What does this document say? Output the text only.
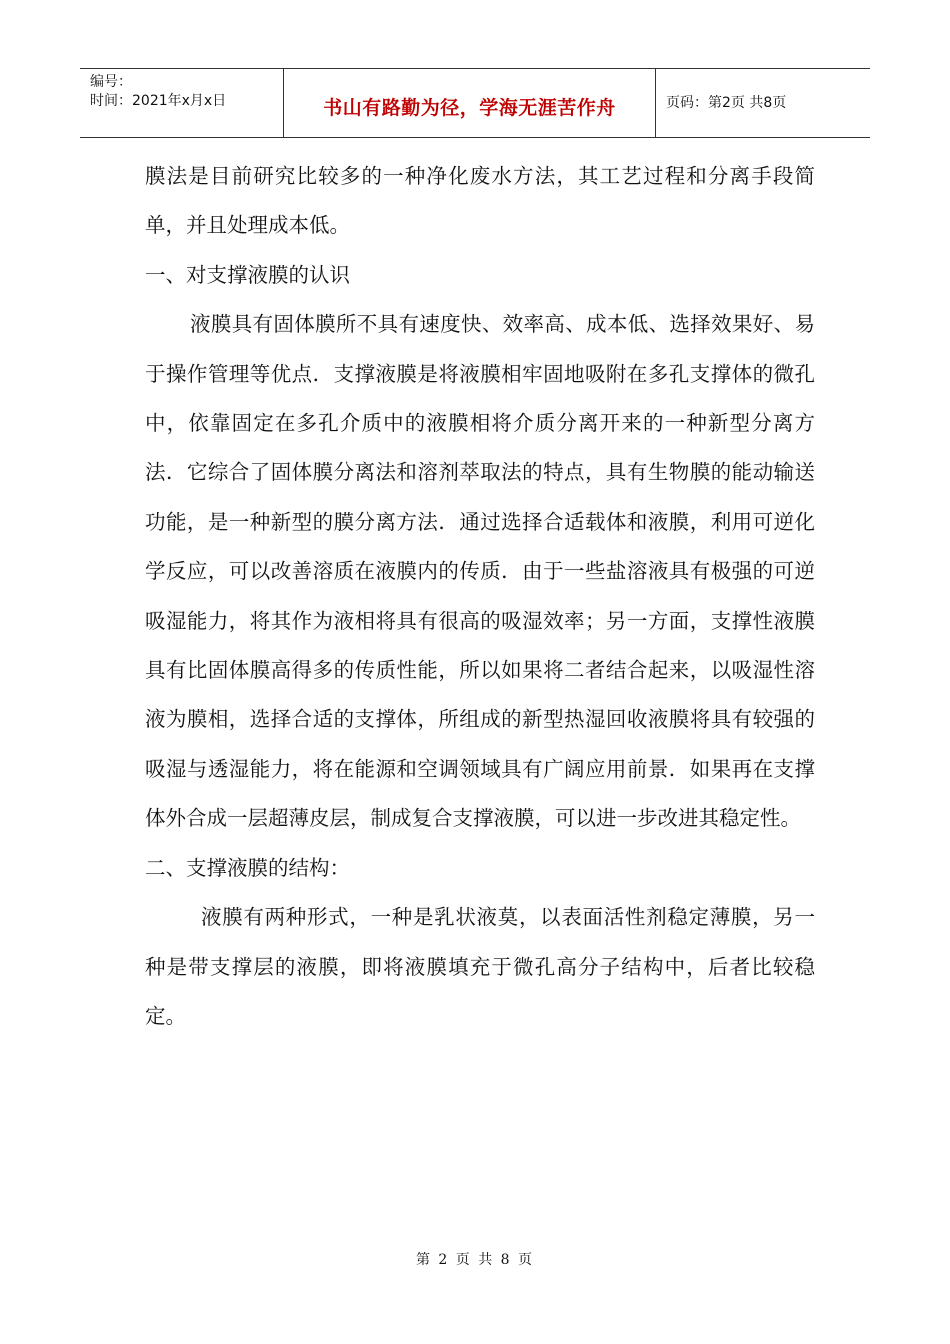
编号：
时间：2021年x月x日	书山有路勤为径，学海无涯苦作舟	页码：第2页 共8页

膜法是目前研究比较多的一种净化废水方法，其工艺过程和分离手段简单，并且处理成本低。

一、对支撑液膜的认识

液膜具有固体膜所不具有速度快、效率高、成本低、选择效果好、易于操作管理等优点．支撑液膜是将液膜相牢固地吸附在多孔支撑体的微孔中，依靠固定在多孔介质中的液膜相将介质分离开来的一种新型分离方法．它综合了固体膜分离法和溶剂萃取法的特点，具有生物膜的能动输送功能，是一种新型的膜分离方法．通过选择合适载体和液膜，利用可逆化学反应，可以改善溶质在液膜内的传质．由于一些盐溶液具有极强的可逆吸湿能力，将其作为液相将具有很高的吸湿效率；另一方面，支撑性液膜具有比固体膜高得多的传质性能，所以如果将二者结合起来，以吸湿性溶液为膜相，选择合适的支撑体，所组成的新型热湿回收液膜将具有较强的吸湿与透湿能力，将在能源和空调领域具有广阔应用前景．如果再在支撑体外合成一层超薄皮层，制成复合支撑液膜，可以进一步改进其稳定性。

二、支撑液膜的结构：

液膜有两种形式，一种是乳状液莫，以表面活性剂稳定薄膜，另一种是带支撑层的液膜，即将液膜填充于微孔高分子结构中，后者比较稳定。

第 2 页 共 8 页
